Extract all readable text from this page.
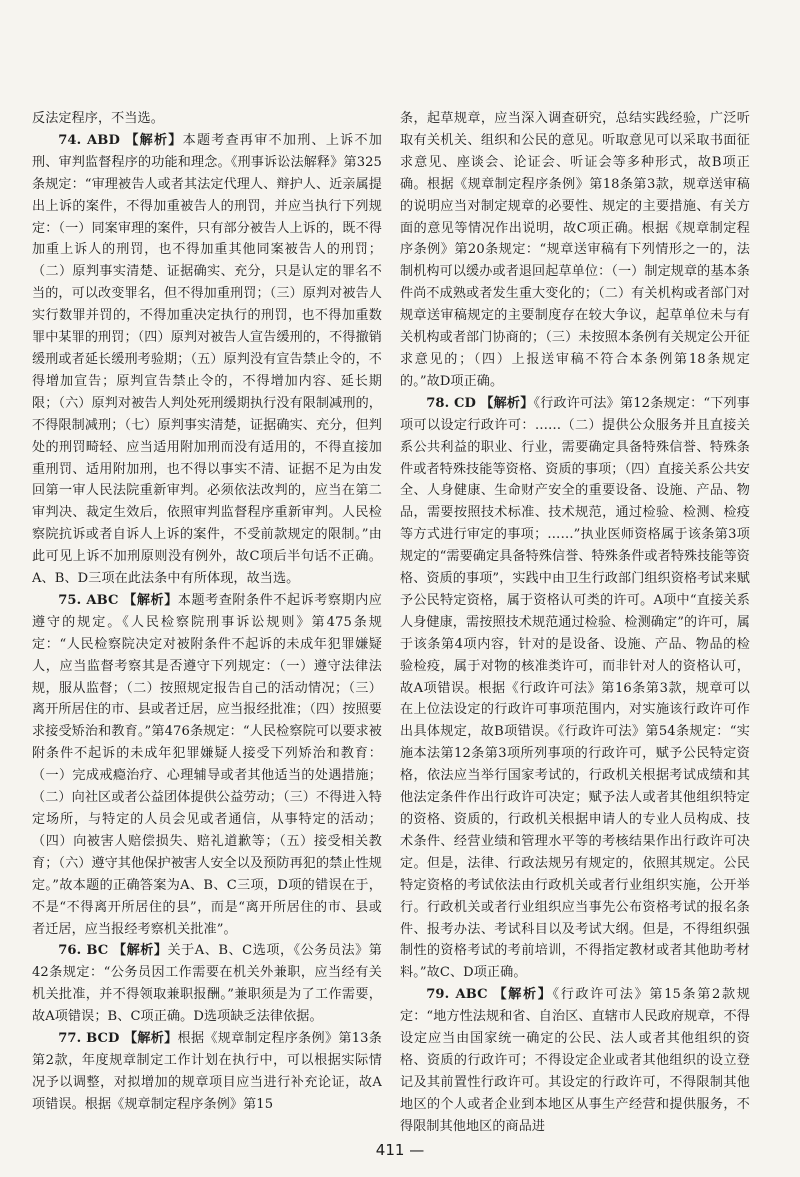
反法定程序，不当选。

74. ABD 【解析】本题考查再审不加刑、上诉不加刑、审判监督程序的功能和理念。《刑事诉讼法解释》第325条规定：“审理被告人或者其法定代理人、辩护人、近亲属提出上诉的案件，不得加重被告人的刑罚，并应当执行下列规定：（一）同案审理的案件，只有部分被告人上诉的，既不得加重上诉人的刑罚，也不得加重其他同案被告人的刑罚；（二）原判事实清楚、证据确实、充分，只是认定的罪名不当的，可以改变罪名，但不得加重刑罚；（三）原判对被告人实行数罪并罚的，不得加重决定执行的刑罚，也不得加重数罪中某罪的刑罚；（四）原判对被告人宣告缓刑的，不得撤销缓刑或者延长缓刑考验期；（五）原判没有宣告禁止令的，不得增加宣告；原判宣告禁止令的，不得增加内容、延长期限；（六）原判对被告人判处死刑缓期执行没有限制减刑的，不得限制减刑；（七）原判事实清楚，证据确实、充分，但判处的刑罚畸轻、应当适用附加刑而没有适用的，不得直接加重刑罚、适用附加刑，也不得以事实不清、证据不足为由发回第一审人民法院重新审判。必须依法改判的，应当在第二审判决、裁定生效后，依照审判监督程序重新审判。人民检察院抗诉或者自诉人上诉的案件，不受前款规定的限制。”由此可见上诉不加刑原则没有例外，故C项后半句话不正确。A、B、D三项在此法条中有所体现，故当选。

75. ABC 【解析】本题考查附条件不起诉考察期内应遵守的规定。《人民检察院刑事诉讼规则》第475条规定：“人民检察院决定对被附条件不起诉的未成年犯罪嫌疑人，应当监督考察其是否遵守下列规定：（一）遵守法律法规，服从监督；（二）按照规定报告自己的活动情况；（三）离开所居住的市、县或者迁居，应当报经批准；（四）按照要求接受矫治和教育。”第476条规定：“人民检察院可以要求被附条件不起诉的未成年犯罪嫌疑人接受下列矫治和教育：（一）完成戒瘾治疗、心理辅导或者其他适当的处遇措施；（二）向社区或者公益团体提供公益劳动；（三）不得进入特定场所，与特定的人员会见或者通信，从事特定的活动；（四）向被害人赔偿损失、赔礼道歉等；（五）接受相关教育；（六）遵守其他保护被害人安全以及预防再犯的禁止性规定。”故本题的正确答案为A、B、C三项，D项的错误在于，不是“不得离开所居住的县”，而是“离开所居住的市、县或者迁居，应当报经考察机关批准”。

76. BC 【解析】关于A、B、C选项，《公务员法》第42条规定：“公务员因工作需要在机关外兼职，应当经有关机关批准，并不得领取兼职报酬。”兼职须是为了工作需要，故A项错误；B、C项正确。D选项缺乏法律依据。

77. BCD 【解析】根据《规章制定程序条例》第13条第2款，年度规章制定工作计划在执行中，可以根据实际情况予以调整，对拟增加的规章项目应当进行补充论证，故A项错误。根据《规章制定程序条例》第15

条，起草规章，应当深入调查研究，总结实践经验，广泛听取有关机关、组织和公民的意见。听取意见可以采取书面征求意见、座谈会、论证会、听证会等多种形式，故B项正确。根据《规章制定程序条例》第18条第3款，规章送审稿的说明应当对制定规章的必要性、规定的主要措施、有关方面的意见等情况作出说明，故C项正确。根据《规章制定程序条例》第20条规定：“规章送审稿有下列情形之一的，法制机构可以缓办或者退回起草单位：（一）制定规章的基本条件尚不成熟或者发生重大变化的；（二）有关机构或者部门对规章送审稿规定的主要制度存在较大争议，起草单位未与有关机构或者部门协商的；（三）未按照本条例有关规定公开征求意见的；（四）上报送审稿不符合本条例第18条规定的。”故D项正确。

78. CD 【解析】《行政许可法》第12条规定：“下列事项可以设定行政许可：……（二）提供公众服务并且直接关系公共利益的职业、行业，需要确定具备特殊信誉、特殊条件或者特殊技能等资格、资质的事项；（四）直接关系公共安全、人身健康、生命财产安全的重要设备、设施、产品、物品，需要按照技术标准、技术规范，通过检验、检测、检疫等方式进行审定的事项；……”执业医师资格属于该条第3项规定的“需要确定具备特殊信誉、特殊条件或者特殊技能等资格、资质的事项”，实践中由卫生行政部门组织资格考试来赋予公民特定资格，属于资格认可类的许可。A项中“直接关系人身健康，需按照技术规范通过检验、检测确定”的许可，属于该条第4项内容，针对的是设备、设施、产品、物品的检验检疫，属于对物的核准类许可，而非针对人的资格认可，故A项错误。根据《行政许可法》第16条第3款，规章可以在上位法设定的行政许可事项范围内，对实施该行政许可作出具体规定，故B项错误。《行政许可法》第54条规定：“实施本法第12条第3项所列事项的行政许可，赋予公民特定资格，依法应当举行国家考试的，行政机关根据考试成绩和其他法定条件作出行政许可决定；赋予法人或者其他组织特定的资格、资质的，行政机关根据申请人的专业人员构成、技术条件、经营业绩和管理水平等的考核结果作出行政许可决定。但是，法律、行政法规另有规定的，依照其规定。公民特定资格的考试依法由行政机关或者行业组织实施，公开举行。行政机关或者行业组织应当事先公布资格考试的报名条件、报考办法、考试科目以及考试大纲。但是，不得组织强制性的资格考试的考前培训，不得指定教材或者其他助考材料。”故C、D项正确。

79. ABC 【解析】《行政许可法》第15条第2款规定：“地方性法规和省、自治区、直辖市人民政府规章，不得设定应当由国家统一确定的公民、法人或者其他组织的资格、资质的行政许可；不得设定企业或者其他组织的设立登记及其前置性行政许可。其设定的行政许可，不得限制其他地区的个人或者企业到本地区从事生产经营和提供服务，不得限制其他地区的商品进

411 —
